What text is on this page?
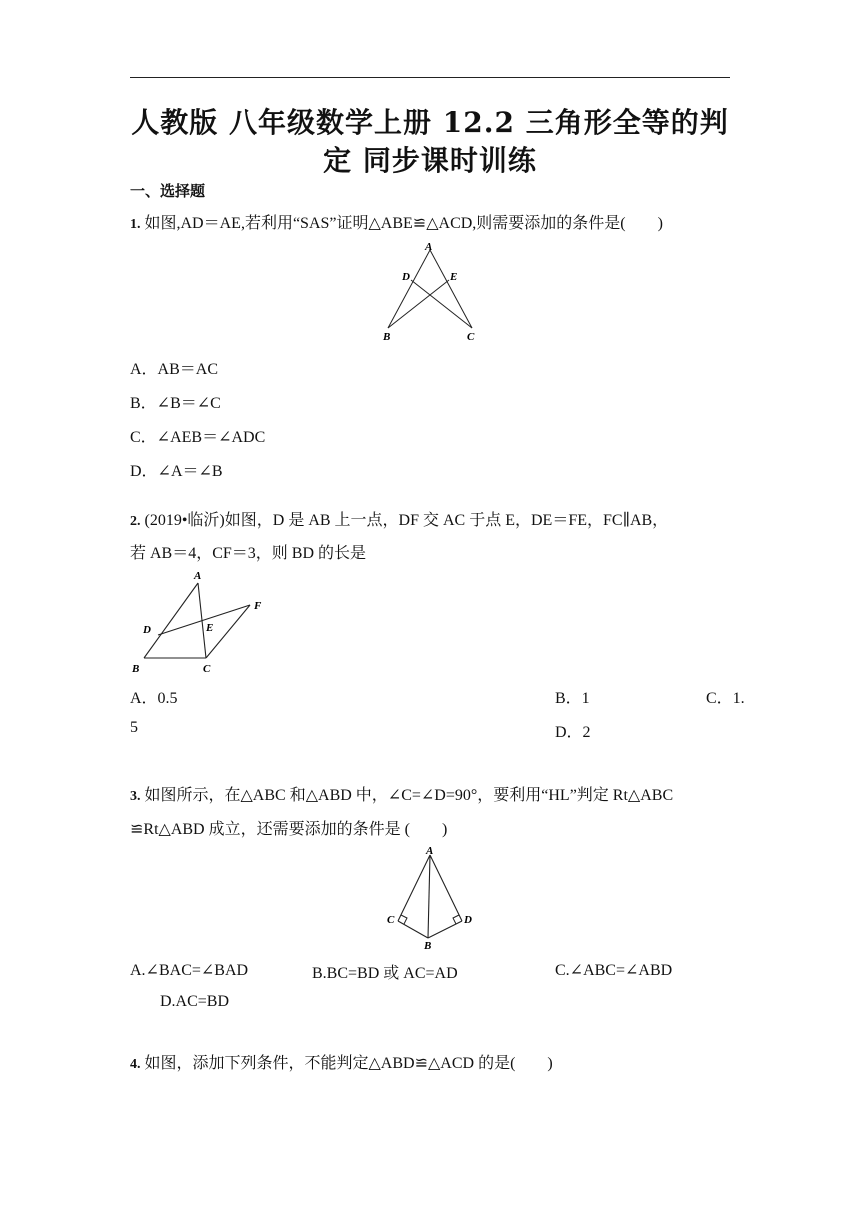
人教版 八年级数学上册 12.2 三角形全等的判
定 同步课时训练
一、选择题
1. 如图,AD＝AE,若利用“SAS”证明△ABE≌△ACD,则需要添加的条件是(　　)
A
D	E
B	C
A．AB＝AC
B．∠B＝∠C
C．∠AEB＝∠ADC
D．∠A＝∠B
2. (2019•临沂)如图，D 是 AB 上一点，DF 交 AC 于点 E，DE＝FE，FC∥AB，
若 AB＝4，CF＝3，则 BD 的长是
A
D	E
F
B	C
A．0.5	B．1	C．1.
5	D．2
3. 如图所示，在△ABC 和△ABD 中，∠C=∠D=90°，要利用“HL”判定 Rt△ABC
≌Rt△ABD 成立，还需要添加的条件是 (　　)
A
C	D
B
A.∠BAC=∠BAD	B.BC=BD 或 AC=AD	C.∠ABC=∠ABD
D.AC=BD
4. 如图，添加下列条件，不能判定△ABD≌△ACD 的是(　　)
